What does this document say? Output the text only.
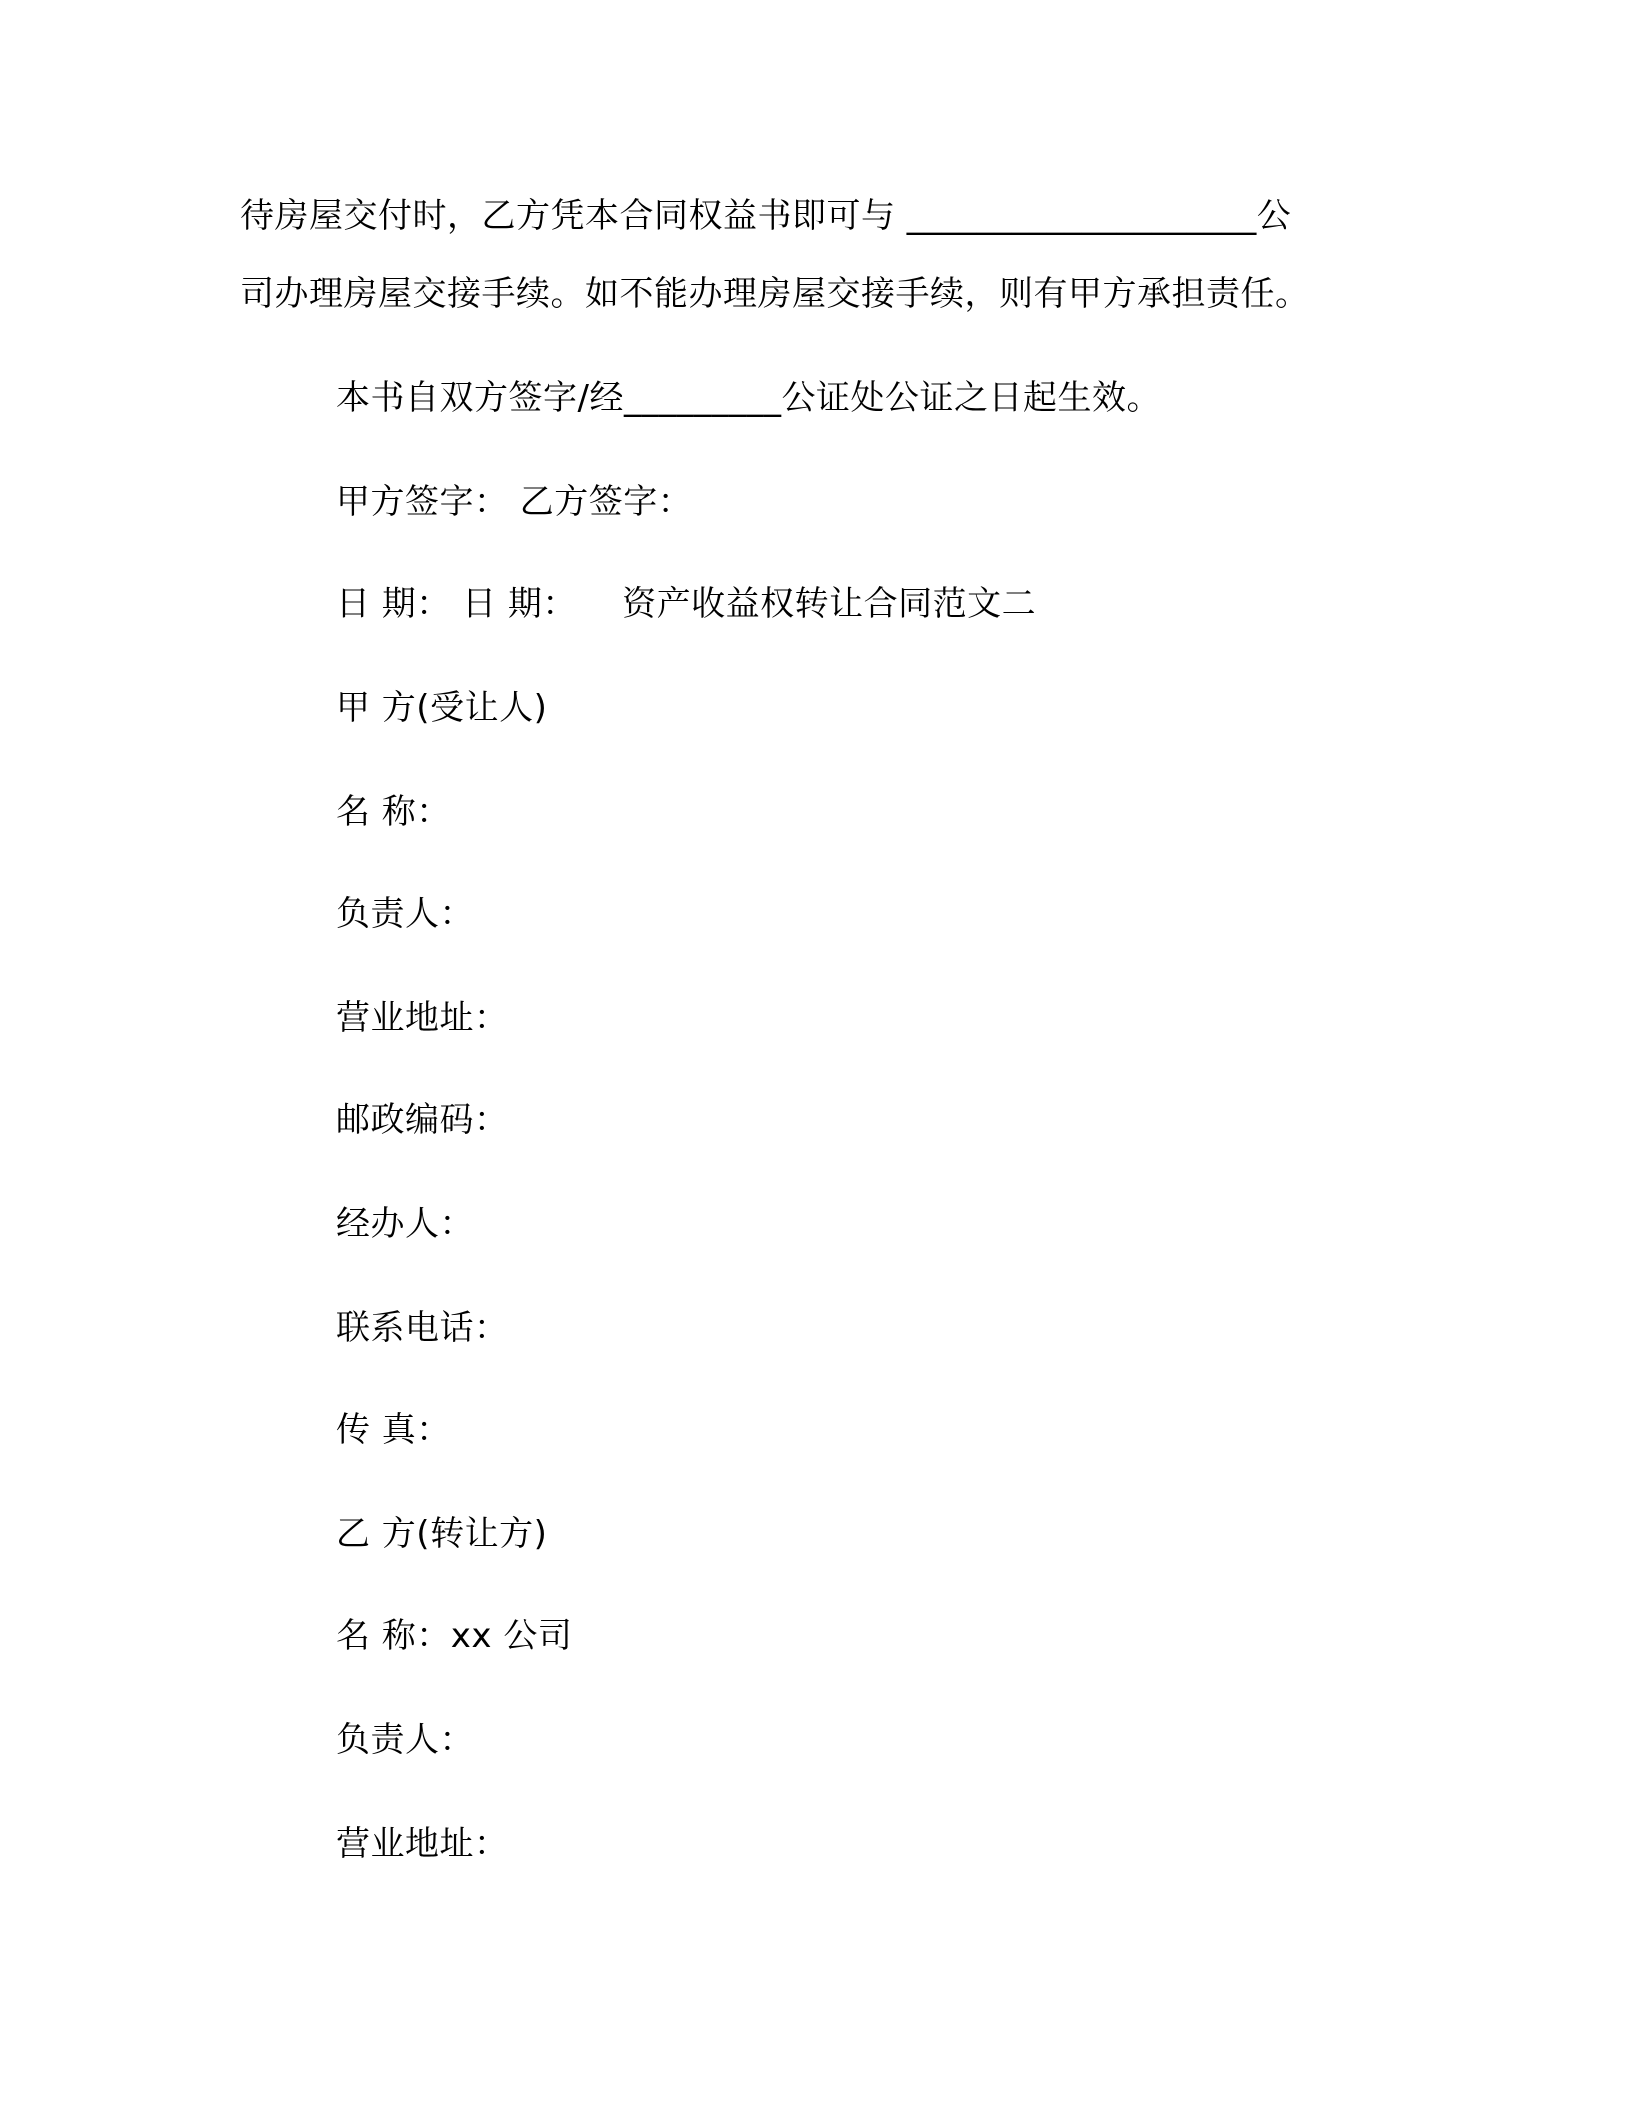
待房屋交付时，乙方凭本合同权益书即可与 ____________________公
司办理房屋交接手续。如不能办理房屋交接手续，则有甲方承担责任。
本书自双方签字/经_________公证处公证之日起生效。
甲方签字： 乙方签字：
日 期： 日 期：    资产收益权转让合同范文二
甲 方(受让人)
名 称：
负责人：
营业地址：
邮政编码：
经办人：
联系电话：
传 真：
乙 方(转让方)
名 称：xx 公司
负责人：
营业地址：
